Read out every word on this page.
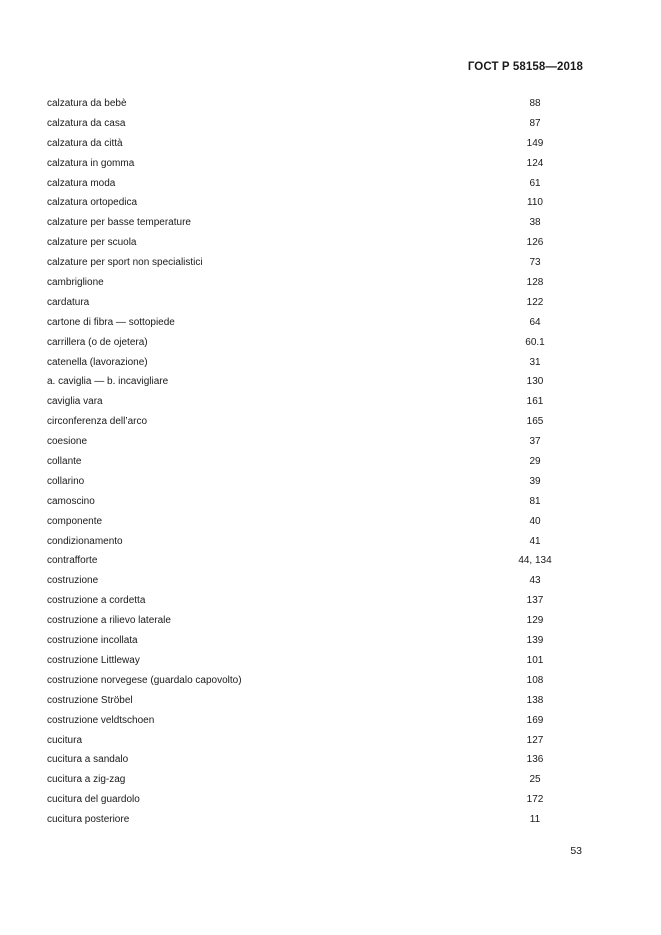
ГОСТ Р 58158—2018
calzatura da bebè	88
calzatura da casa	87
calzatura da città	149
calzatura in gomma	124
calzatura moda	61
calzatura ortopedica	110
calzature per basse temperature	38
calzature per scuola	126
calzature per sport non specialistici	73
cambriglione	128
cardatura	122
cartone di fibra — sottopiede	64
carrillera (o de ojetera)	60.1
catenella (lavorazione)	31
a. caviglia — b. incavigliare	130
caviglia vara	161
circonferenza dell’arco	165
coesione	37
collante	29
collarino	39
camoscino	81
componente	40
condizionamento	41
contrafforte	44, 134
costruzione	43
costruzione a cordetta	137
costruzione a rilievo laterale	129
costruzione incollata	139
costruzione Littleway	101
costruzione norvegese (guardalo capovolto)	108
costruzione Ströbel	138
costruzione veldtschoen	169
cucitura	127
cucitura a sandalo	136
cucitura a zig-zag	25
cucitura del guardolo	172
cucitura posteriore	11
53
